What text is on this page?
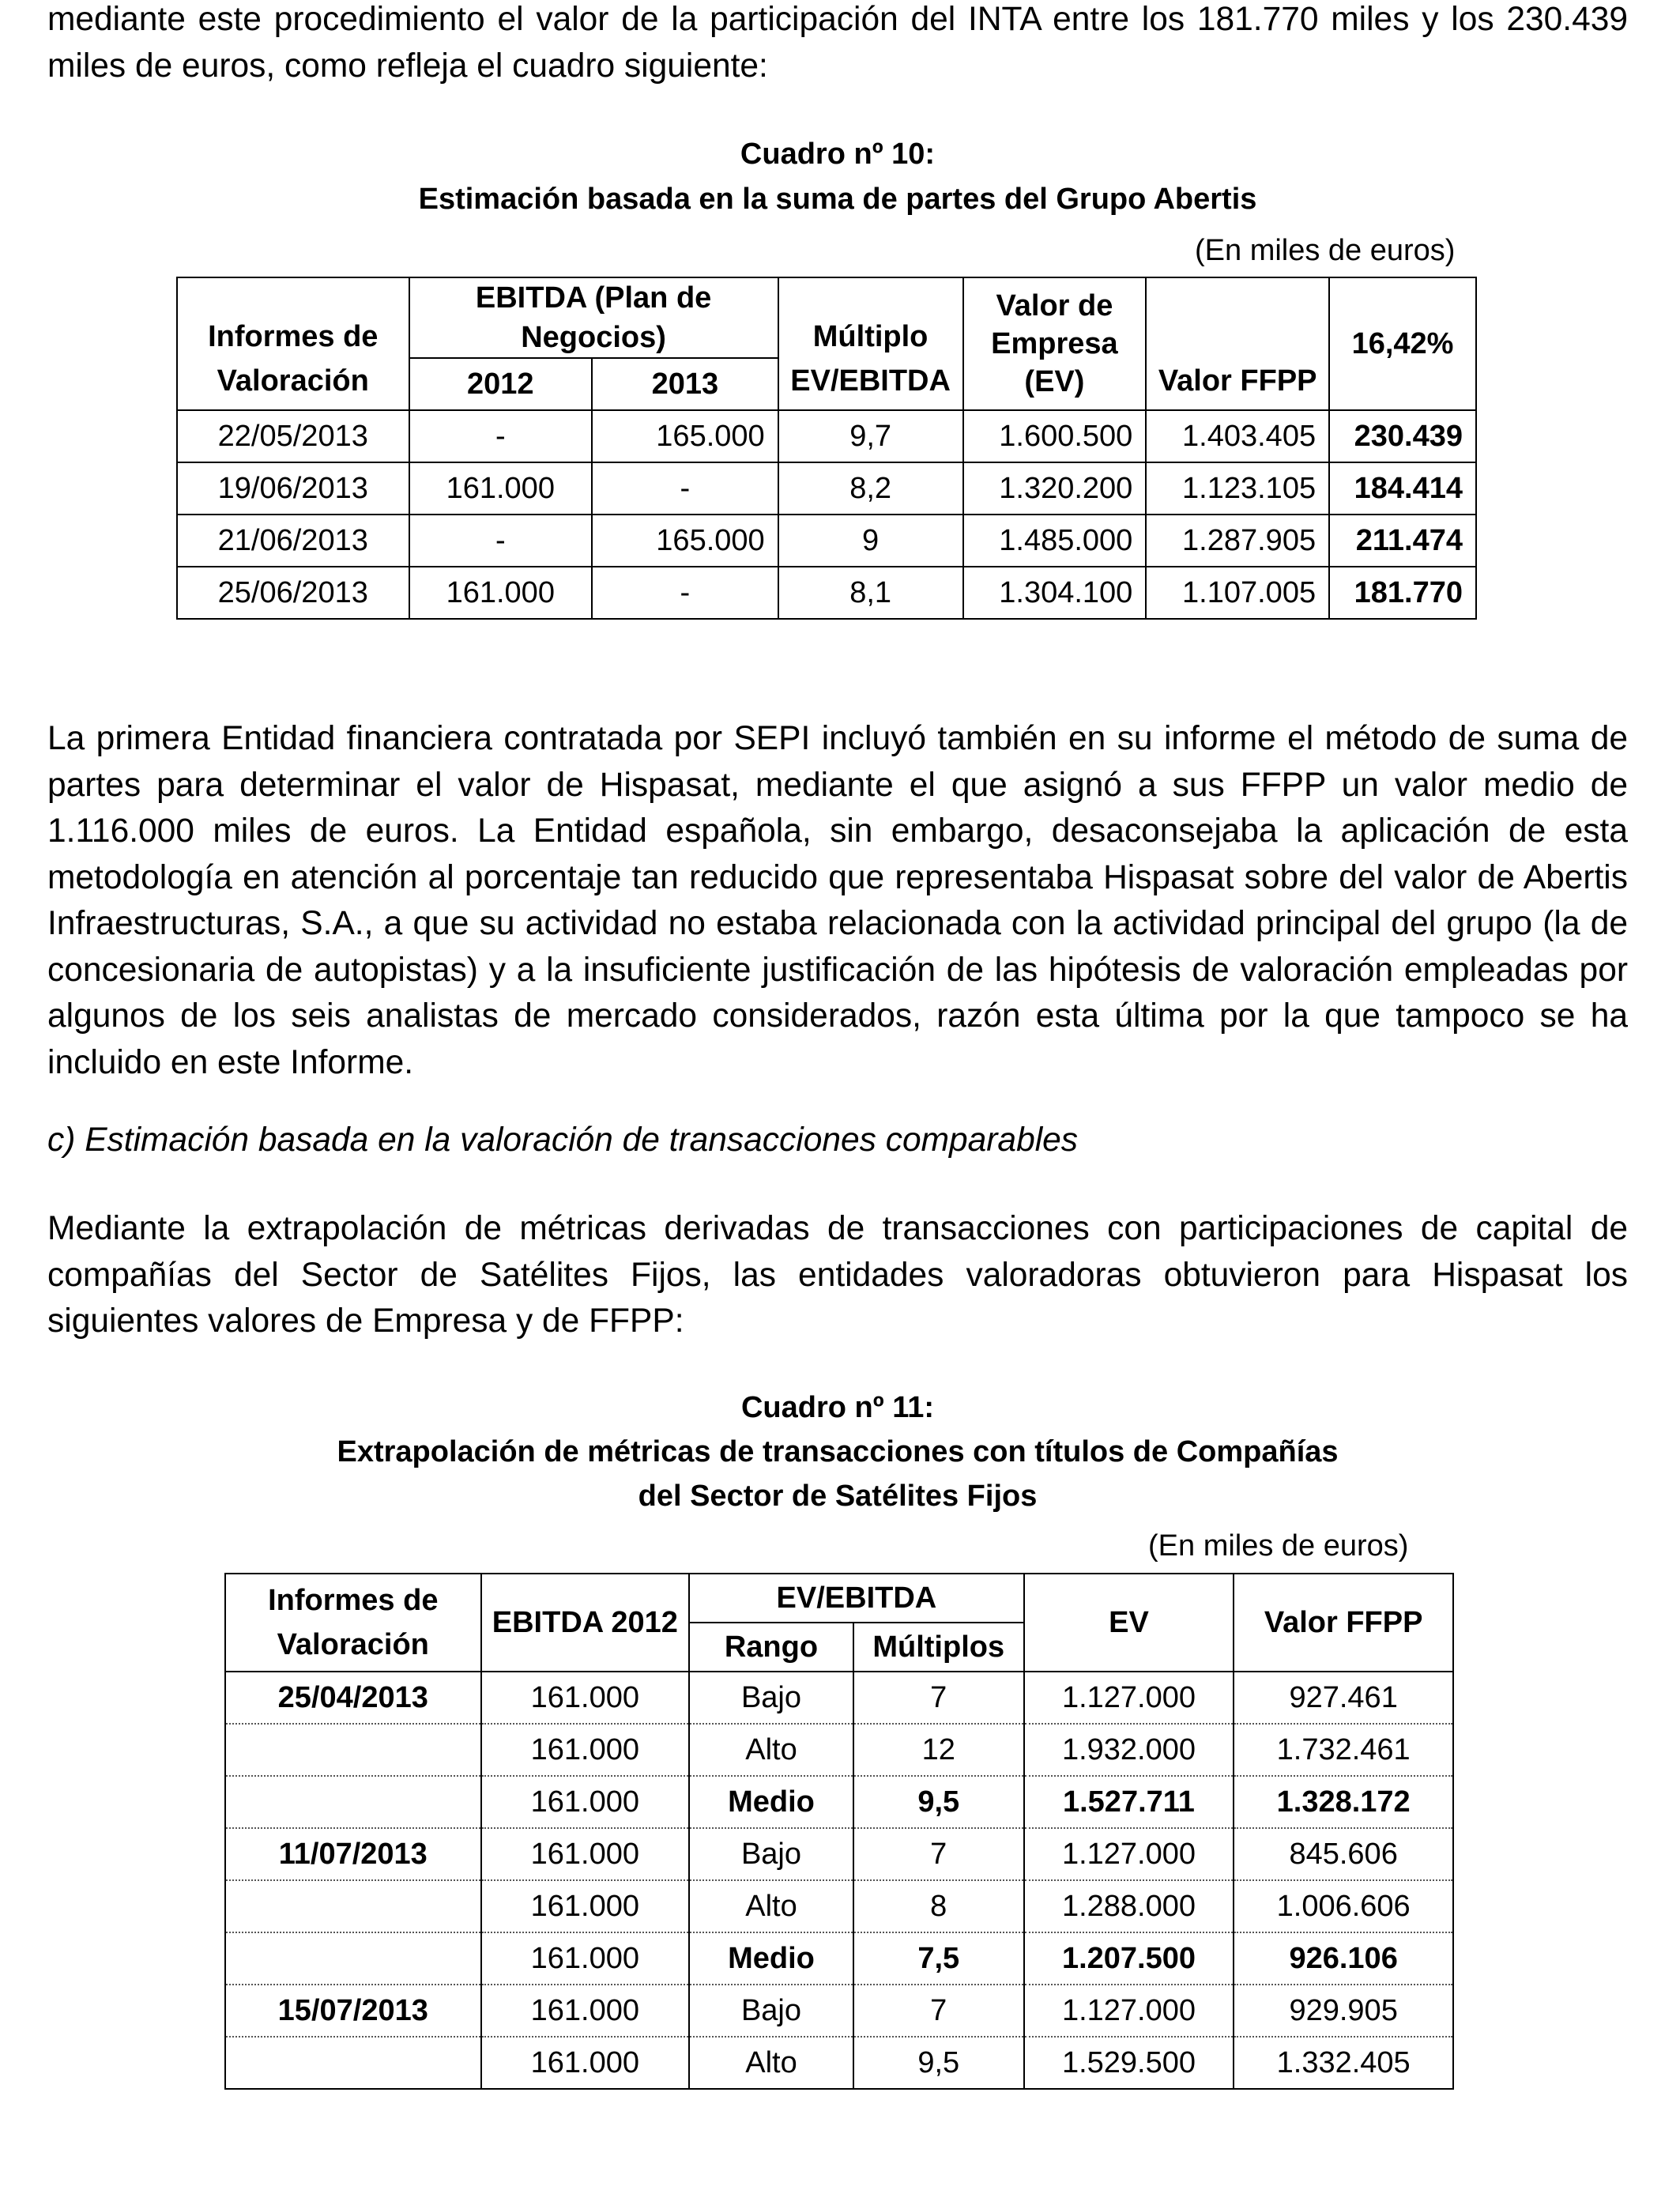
mediante este procedimiento el valor de la participación del INTA entre los 181.770 miles y los 230.439 miles de euros, como refleja el cuadro siguiente:

Cuadro nº 10:

Estimación basada en la suma de partes del Grupo Abertis

(En miles de euros)
Informes de Valoración	EBITDA (Plan de Negocios)		Múltiplo EV/EBITDA	Valor de Empresa (EV)	Valor FFPP	16,42%
	2012	2013				
22/05/2013	-	165.000	9,7	1.600.500	1.403.405	230.439
19/06/2013	161.000	-	8,2	1.320.200	1.123.105	184.414
21/06/2013	-	165.000	9	1.485.000	1.287.905	211.474
25/06/2013	161.000	-	8,1	1.304.100	1.107.005	181.770

La primera Entidad financiera contratada por SEPI incluyó también en su informe el método de suma de partes para determinar el valor de Hispasat, mediante el que asignó a sus FFPP un valor medio de 1.116.000 miles de euros. La Entidad española, sin embargo, desaconsejaba la aplicación de esta metodología en atención al porcentaje tan reducido que representaba Hispasat sobre del valor de Abertis Infraestructuras, S.A., a que su actividad no estaba relacionada con la actividad principal del grupo (la de concesionaria de autopistas) y a la insuficiente justificación de las hipótesis de valoración empleadas por algunos de los seis analistas de mercado considerados, razón esta última por la que tampoco se ha incluido en este Informe.

c) Estimación basada en la valoración de transacciones comparables

Mediante la extrapolación de métricas derivadas de transacciones con participaciones de capital de compañías del Sector de Satélites Fijos, las entidades valoradoras obtuvieron para Hispasat los siguientes valores de Empresa y de FFPP:

Cuadro nº 11:

Extrapolación de métricas de transacciones con títulos de Compañías

del Sector de Satélites Fijos

(En miles de euros)
Informes de Valoración	EBITDA 2012	EV/EBITDA		EV	Valor FFPP
		Rango	Múltiplos		
25/04/2013	161.000	Bajo	7	1.127.000	927.461
	161.000	Alto	12	1.932.000	1.732.461
	161.000	Medio	9,5	1.527.711	1.328.172
11/07/2013	161.000	Bajo	7	1.127.000	845.606
	161.000	Alto	8	1.288.000	1.006.606
	161.000	Medio	7,5	1.207.500	926.106
15/07/2013	161.000	Bajo	7	1.127.000	929.905
	161.000	Alto	9,5	1.529.500	1.332.405
